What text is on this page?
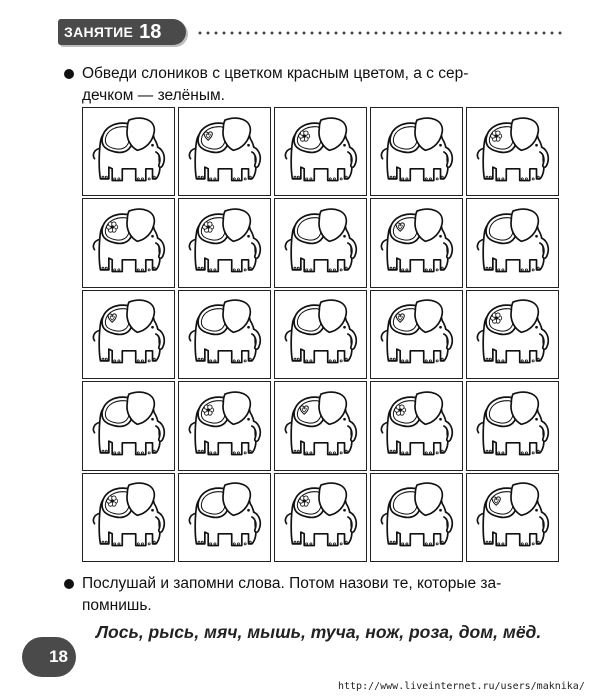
ЗАНЯТИЕ 18
Обведи слоников с цветком красным цветом, а с сер-
дечком — зелёным.
Послушай и запомни слова. Потом назови те, которые за-
помнишь.
Лось, рысь, мяч, мышь, туча, нож, роза, дом, мёд.
18
http://www.liveinternet.ru/users/maknika/
